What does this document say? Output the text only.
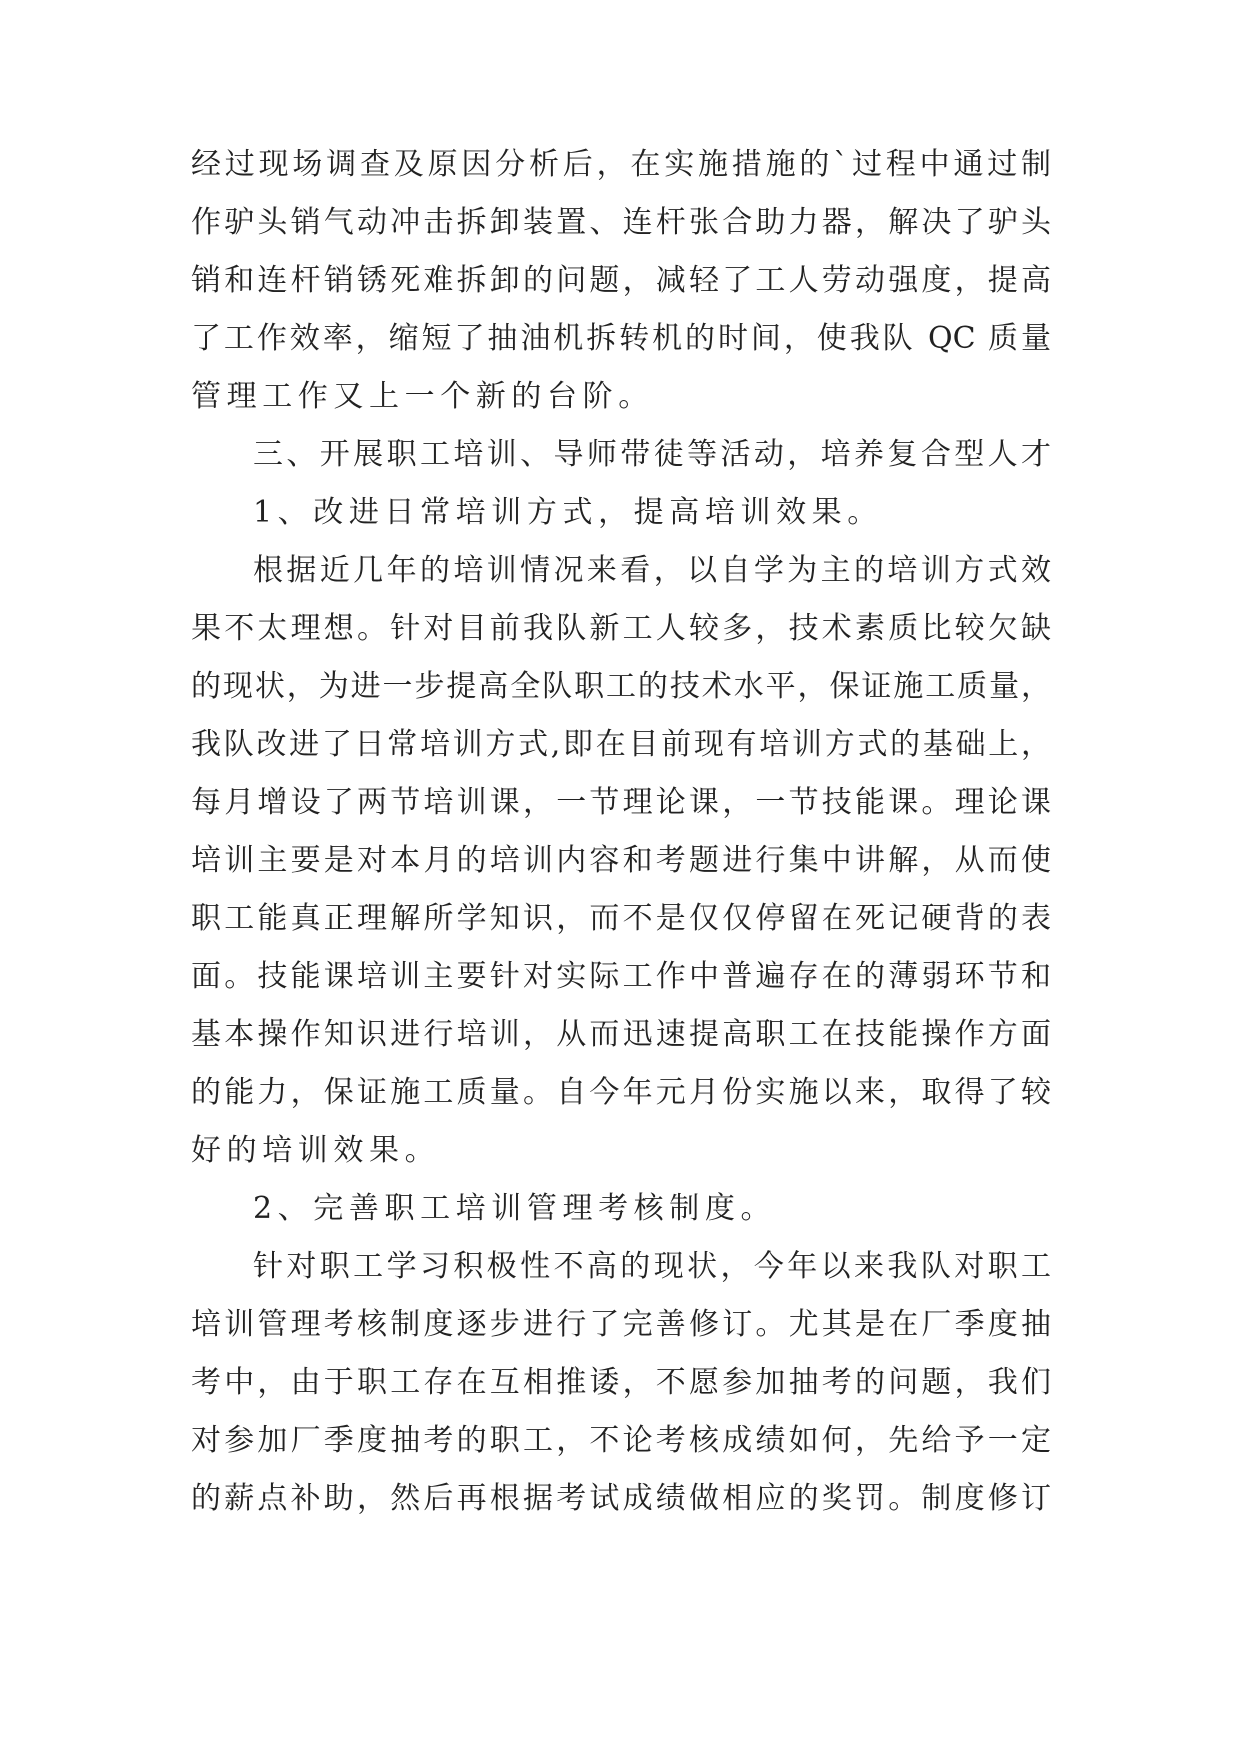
经过现场调查及原因分析后，在实施措施的`过程中通过制
作驴头销气动冲击拆卸装置、连杆张合助力器，解决了驴头
销和连杆销锈死难拆卸的问题，减轻了工人劳动强度，提高
了工作效率，缩短了抽油机拆转机的时间，使我队 QC 质量
管理工作又上一个新的台阶。
三、开展职工培训、导师带徒等活动，培养复合型人才
1、改进日常培训方式，提高培训效果。
根据近几年的培训情况来看，以自学为主的培训方式效
果不太理想。针对目前我队新工人较多，技术素质比较欠缺
的现状，为进一步提高全队职工的技术水平，保证施工质量，
我队改进了日常培训方式,即在目前现有培训方式的基础上，
每月增设了两节培训课，一节理论课，一节技能课。理论课
培训主要是对本月的培训内容和考题进行集中讲解，从而使
职工能真正理解所学知识，而不是仅仅停留在死记硬背的表
面。技能课培训主要针对实际工作中普遍存在的薄弱环节和
基本操作知识进行培训，从而迅速提高职工在技能操作方面
的能力，保证施工质量。自今年元月份实施以来，取得了较
好的培训效果。
2、完善职工培训管理考核制度。
针对职工学习积极性不高的现状，今年以来我队对职工
培训管理考核制度逐步进行了完善修订。尤其是在厂季度抽
考中，由于职工存在互相推诿，不愿参加抽考的问题，我们
对参加厂季度抽考的职工，不论考核成绩如何，先给予一定
的薪点补助，然后再根据考试成绩做相应的奖罚。制度修订
